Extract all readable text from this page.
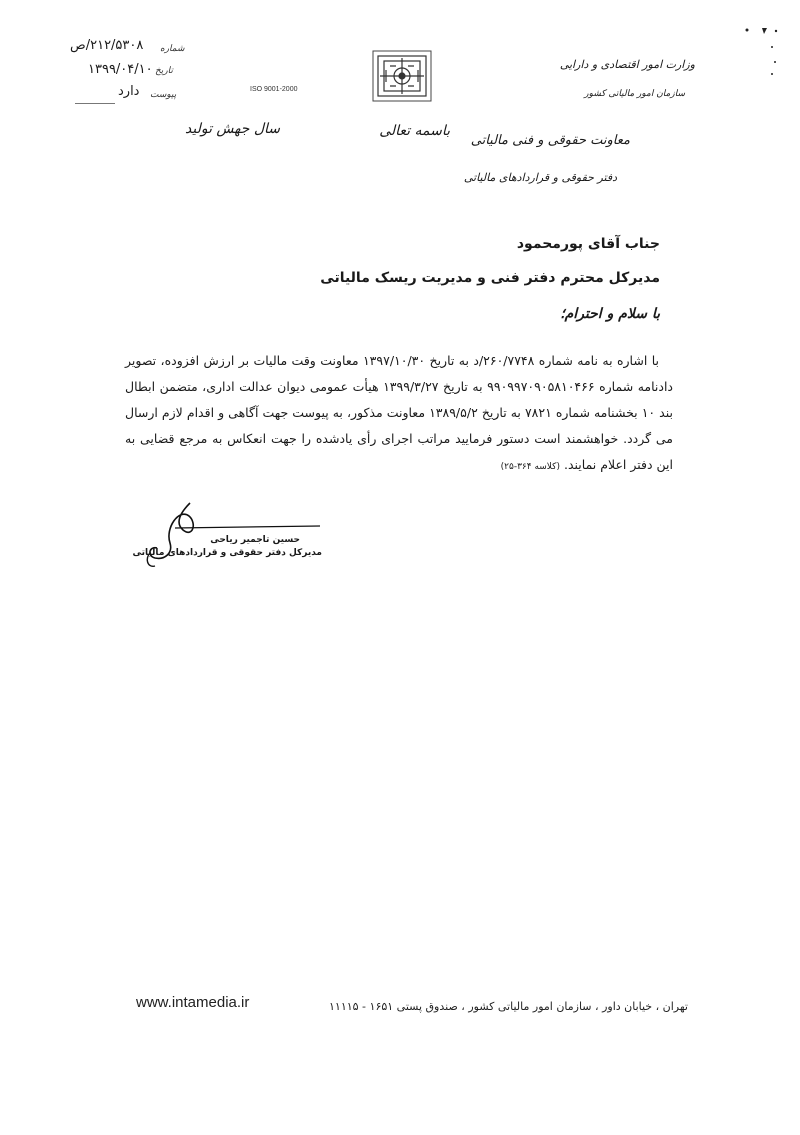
۲۱۲/۵۳۰۸/ص	شماره
۱۳۹۹/۰۴/۱۰ تاریخ
دارد پیوست
ISO 9001-2000
وزارت امور اقتصادی و دارایی
سازمان امور مالیاتی کشور
سال جهش تولید	باسمه تعالی
معاونت حقوقی و فنی مالیاتی
دفتر حقوقی و قراردادهای مالیاتی
جناب آقای پورمحمود
مدیرکل محترم دفتر فنی و مدیریت ریسک مالیاتی
با سلام و احترام؛
با اشاره به نامه شماره ۲۶۰/۷۷۴۸/د به تاریخ ۱۳۹۷/۱۰/۳۰ معاونت وقت مالیات بر ارزش افزوده، تصویر دادنامه شماره ۹۹۰۹۹۷۰۹۰۵۸۱۰۴۶۶ به تاریخ ۱۳۹۹/۳/۲۷ هیأت عمومی دیوان عدالت اداری، متضمن ابطال بند ۱۰ بخشنامه شماره ۷۸۲۱ به تاریخ ۱۳۸۹/۵/۲ معاونت مذکور، به پیوست جهت آگاهی و اقدام لازم ارسال می گردد. خواهشمند است دستور فرمایید مراتب اجرای رأی یادشده را جهت انعکاس به مرجع قضایی به این دفتر اعلام نمایند. (کلاسه ۳۶۴-۲۵)
حسین تاجمیر ریاحی
مدیرکل دفتر حقوقی و قراردادهای مالیاتی
www.intamedia.ir	تهران ، خیابان داور ، سازمان امور مالیاتی کشور ، صندوق پستی ۱۶۵۱ - ۱۱۱۱۵
